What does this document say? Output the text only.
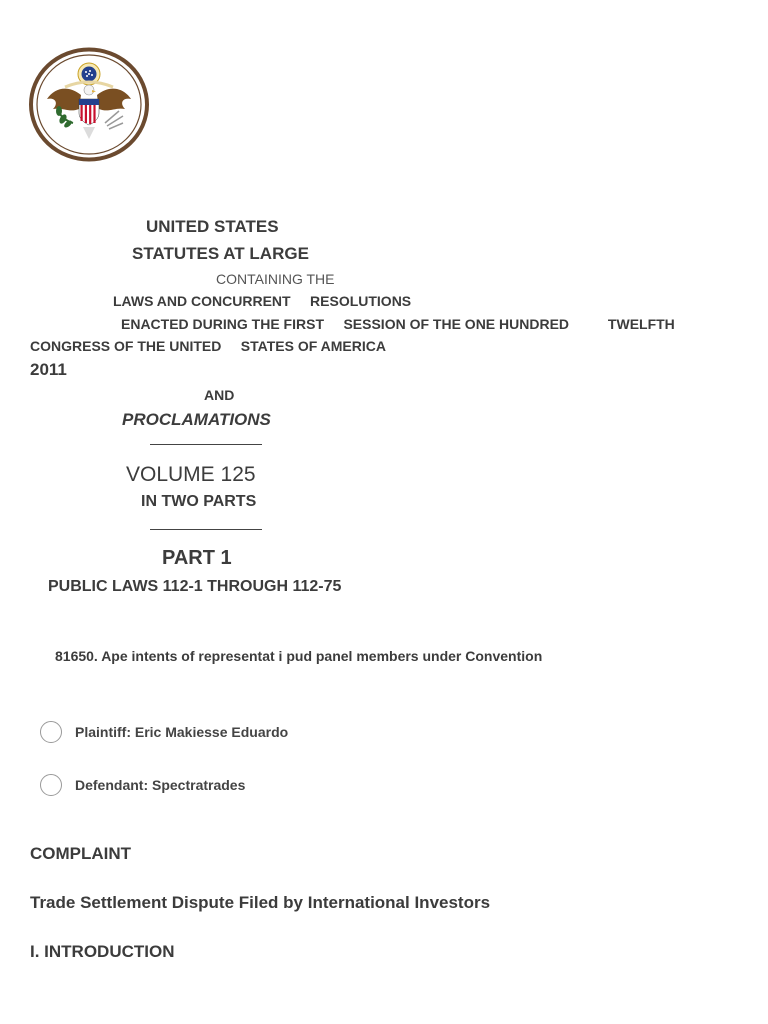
UNITED STATES

STATUTES AT LARGE

CONTAINING THE

LAWS AND CONCURRENT     RESOLUTIONS

ENACTED DURING THE FIRST     SESSION OF THE ONE HUNDRED          TWELFTH

CONGRESS OF THE UNITED     STATES OF AMERICA

2011

AND

PROCLAMATIONS

VOLUME 125

IN TWO PARTS

PART 1

PUBLIC LAWS 112-1 THROUGH 112-75

81650. Ape intents of representat i pud panel members under Convention

Plaintiff: Eric Makiesse Eduardo
Defendant: Spectratrades

COMPLAINT

Trade Settlement Dispute Filed by International Investors

I. INTRODUCTION
